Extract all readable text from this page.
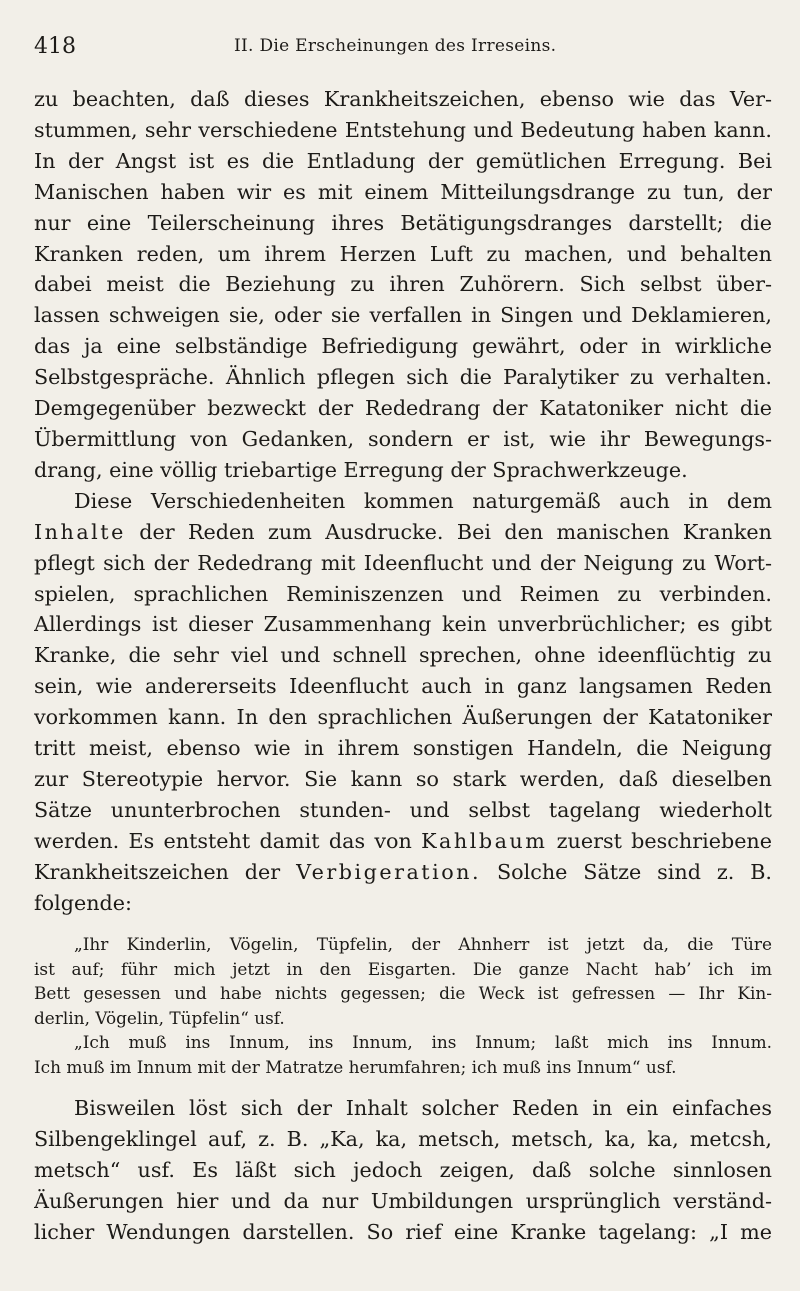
418	II. Die Erscheinungen des Irreseins.

zu beachten, daß dieses Krankheitszeichen, ebenso wie das Ver-
stummen, sehr verschiedene Entstehung und Bedeutung haben kann.
In der Angst ist es die Entladung der gemütlichen Erregung. Bei
Manischen haben wir es mit einem Mitteilungsdrange zu tun, der
nur eine Teilerscheinung ihres Betätigungsdranges darstellt; die
Kranken reden, um ihrem Herzen Luft zu machen, und behalten
dabei meist die Beziehung zu ihren Zuhörern. Sich selbst über-
lassen schweigen sie, oder sie verfallen in Singen und Deklamieren,
das ja eine selbständige Befriedigung gewährt, oder in wirkliche
Selbstgespräche. Ähnlich pflegen sich die Paralytiker zu verhalten.
Demgegenüber bezweckt der Rededrang der Katatoniker nicht die
Übermittlung von Gedanken, sondern er ist, wie ihr Bewegungs-
drang, eine völlig triebartige Erregung der Sprachwerkzeuge.

Diese Verschiedenheiten kommen naturgemäß auch in dem
Inhalte der Reden zum Ausdrucke. Bei den manischen Kranken
pflegt sich der Rededrang mit Ideenflucht und der Neigung zu Wort-
spielen, sprachlichen Reminiszenzen und Reimen zu verbinden.
Allerdings ist dieser Zusammenhang kein unverbrüchlicher; es gibt
Kranke, die sehr viel und schnell sprechen, ohne ideenflüchtig zu
sein, wie andererseits Ideenflucht auch in ganz langsamen Reden
vorkommen kann. In den sprachlichen Äußerungen der Katatoniker
tritt meist, ebenso wie in ihrem sonstigen Handeln, die Neigung
zur Stereotypie hervor. Sie kann so stark werden, daß dieselben
Sätze ununterbrochen stunden- und selbst tagelang wiederholt
werden. Es entsteht damit das von Kahlbaum zuerst beschriebene
Krankheitszeichen der Verbigeration. Solche Sätze sind z. B.
folgende:

„Ihr Kinderlin, Vögelin, Tüpfelin, der Ahnherr ist jetzt da, die Türe
ist auf; führ mich jetzt in den Eisgarten. Die ganze Nacht hab’ ich im
Bett gesessen und habe nichts gegessen; die Weck ist gefressen — Ihr Kin-
derlin, Vögelin, Tüpfelin“ usf.
„Ich muß ins Innum, ins Innum, ins Innum; laßt mich ins Innum.
Ich muß im Innum mit der Matratze herumfahren; ich muß ins Innum“ usf.

Bisweilen löst sich der Inhalt solcher Reden in ein einfaches
Silbengeklingel auf, z. B. „Ka, ka, metsch, metsch, ka, ka, metcsh,
metsch“ usf. Es läßt sich jedoch zeigen, daß solche sinnlosen
Äußerungen hier und da nur Umbildungen ursprünglich verständ-
licher Wendungen darstellen. So rief eine Kranke tagelang: „I me
